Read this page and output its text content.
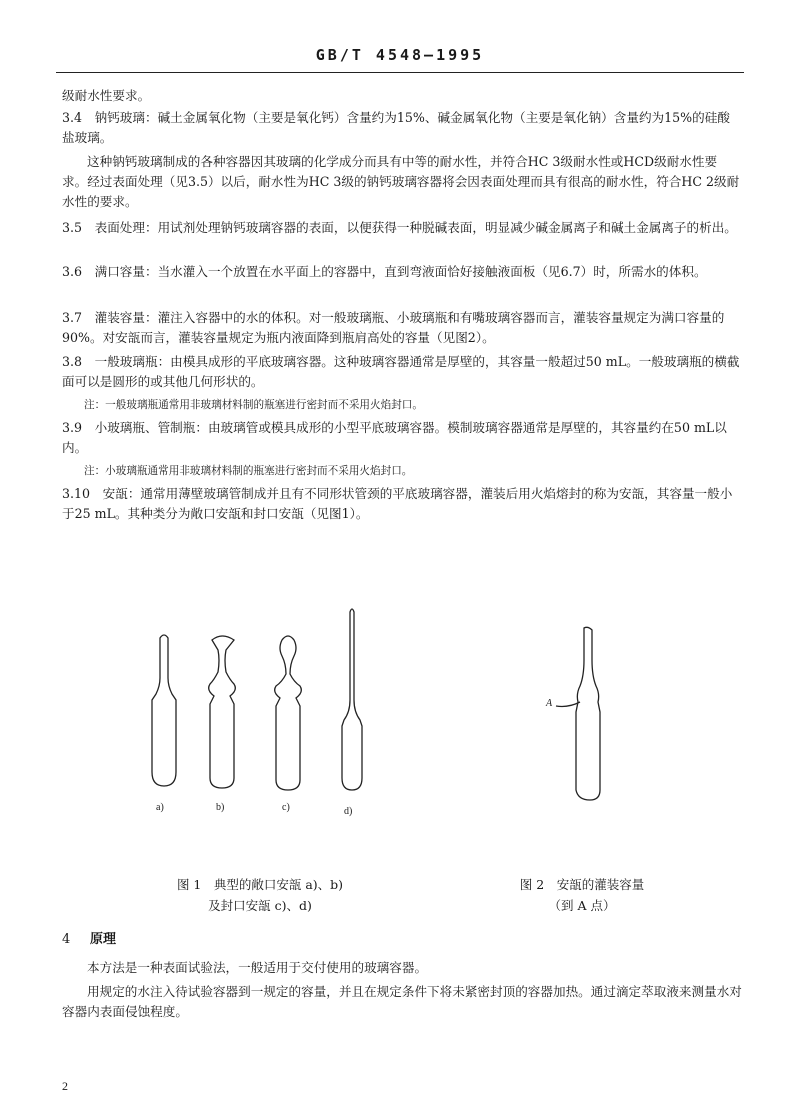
GB/T 4548—1995
级耐水性要求。
3.4　钠钙玻璃：碱土金属氧化物（主要是氧化钙）含量约为15%、碱金属氧化物（主要是氧化钠）含量约为15%的硅酸盐玻璃。
这种钠钙玻璃制成的各种容器因其玻璃的化学成分而具有中等的耐水性，并符合HC 3级耐水性或HCD级耐水性要求。经过表面处理（见3.5）以后，耐水性为HC 3级的钠钙玻璃容器将会因表面处理而具有很高的耐水性，符合HC 2级耐水性的要求。
3.5　表面处理：用试剂处理钠钙玻璃容器的表面，以便获得一种脱碱表面，明显减少碱金属离子和碱土金属离子的析出。
3.6　满口容量：当水灌入一个放置在水平面上的容器中，直到弯液面恰好接触液面板（见6.7）时，所需水的体积。
3.7　灌装容量：灌注入容器中的水的体积。对一般玻璃瓶、小玻璃瓶和有嘴玻璃容器而言，灌装容量规定为满口容量的90%。对安瓿而言，灌装容量规定为瓶内液面降到瓶肩高处的容量（见图2）。
3.8　一般玻璃瓶：由模具成形的平底玻璃容器。这种玻璃容器通常是厚壁的，其容量一般超过50 mL。一般玻璃瓶的横截面可以是圆形的或其他几何形状的。
注：一般玻璃瓶通常用非玻璃材料制的瓶塞进行密封而不采用火焰封口。
3.9　小玻璃瓶、管制瓶：由玻璃管或模具成形的小型平底玻璃容器。模制玻璃容器通常是厚壁的，其容量约在50 mL以内。
注：小玻璃瓶通常用非玻璃材料制的瓶塞进行密封而不采用火焰封口。
3.10　安瓿：通常用薄壁玻璃管制成并且有不同形状管颈的平底玻璃容器，灌装后用火焰熔封的称为安瓿，其容量一般小于25 mL。其种类分为敞口安瓿和封口安瓿（见图1）。
a)	b)	c)	d)
A
图 1　典型的敞口安瓿 a)、b)
及封口安瓿 c)、d)
图 2　安瓿的灌装容量
（到 A 点）
4 原理
本方法是一种表面试验法，一般适用于交付使用的玻璃容器。
用规定的水注入待试验容器到一规定的容量，并且在规定条件下将未紧密封顶的容器加热。通过滴定萃取液来测量水对容器内表面侵蚀程度。
2
